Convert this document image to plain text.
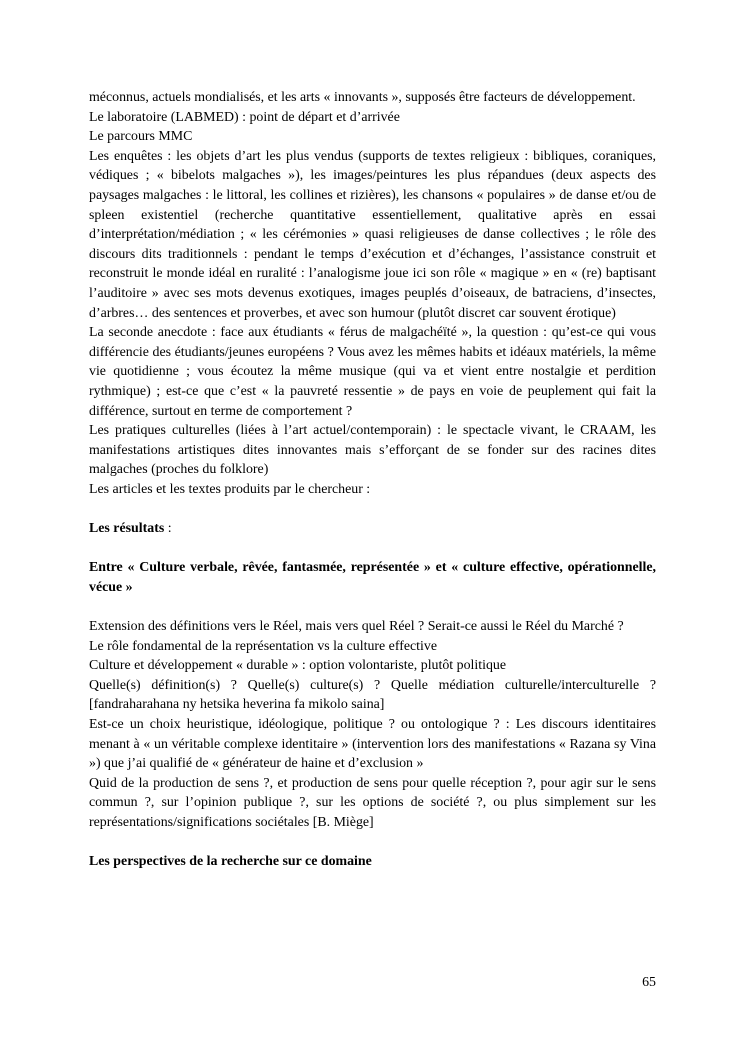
méconnus, actuels mondialisés, et les arts « innovants », supposés être facteurs de développement.

Le laboratoire (LABMED) : point de départ et d’arrivée

Le parcours MMC

Les enquêtes : les objets d’art les plus vendus (supports de textes religieux : bibliques, coraniques, védiques ; « bibelots malgaches »), les images/peintures les plus répandues (deux aspects des paysages malgaches : le littoral, les collines et rizières), les chansons « populaires » de danse et/ou de spleen existentiel (recherche quantitative essentiellement, qualitative après en essai d’interprétation/médiation ; « les cérémonies » quasi religieuses de danse collectives ; le rôle des discours dits traditionnels : pendant le temps d’exécution et d’échanges, l’assistance construit et reconstruit le monde idéal en ruralité : l’analogisme joue ici son rôle « magique » en « (re) baptisant l’auditoire » avec ses mots devenus exotiques, images peuplés d’oiseaux, de batraciens, d’insectes, d’arbres… des sentences et proverbes, et avec son humour (plutôt discret car souvent érotique)

La seconde anecdote : face aux étudiants « férus de malgachéïté », la question : qu’est-ce qui vous différencie des étudiants/jeunes européens ? Vous avez les mêmes habits et idéaux matériels, la même vie quotidienne ; vous écoutez la même musique (qui va et vient entre nostalgie et perdition rythmique) ; est-ce que c’est « la pauvreté ressentie » de pays en voie de peuplement qui fait la différence, surtout en terme de comportement ?

Les pratiques culturelles (liées à l’art actuel/contemporain) : le spectacle vivant, le CRAAM, les manifestations artistiques dites innovantes mais s’efforçant de se fonder sur des racines dites malgaches (proches du folklore)

Les articles et les textes produits par le chercheur :

Les résultats :

Entre « Culture verbale, rêvée, fantasmée, représentée » et « culture effective, opérationnelle, vécue »

Extension des définitions vers le Réel, mais vers quel Réel ? Serait-ce aussi le Réel du Marché ?

Le rôle fondamental de la représentation vs la culture effective

Culture et développement « durable » : option volontariste, plutôt politique

Quelle(s) définition(s) ? Quelle(s) culture(s) ? Quelle médiation culturelle/interculturelle ? [fandraharahana ny hetsika heverina fa mikolo saina]

Est-ce un choix heuristique, idéologique, politique ? ou ontologique ? : Les discours identitaires menant à « un véritable complexe identitaire » (intervention lors des manifestations « Razana sy Vina ») que j’ai qualifié de « générateur de haine et d’exclusion »

Quid de la production de sens ?, et production de sens pour quelle réception ?, pour agir sur le sens commun ?, sur l’opinion publique ?, sur les options de société ?, ou plus simplement sur les représentations/significations sociétales [B. Miège]

Les perspectives de la recherche sur ce domaine

65
